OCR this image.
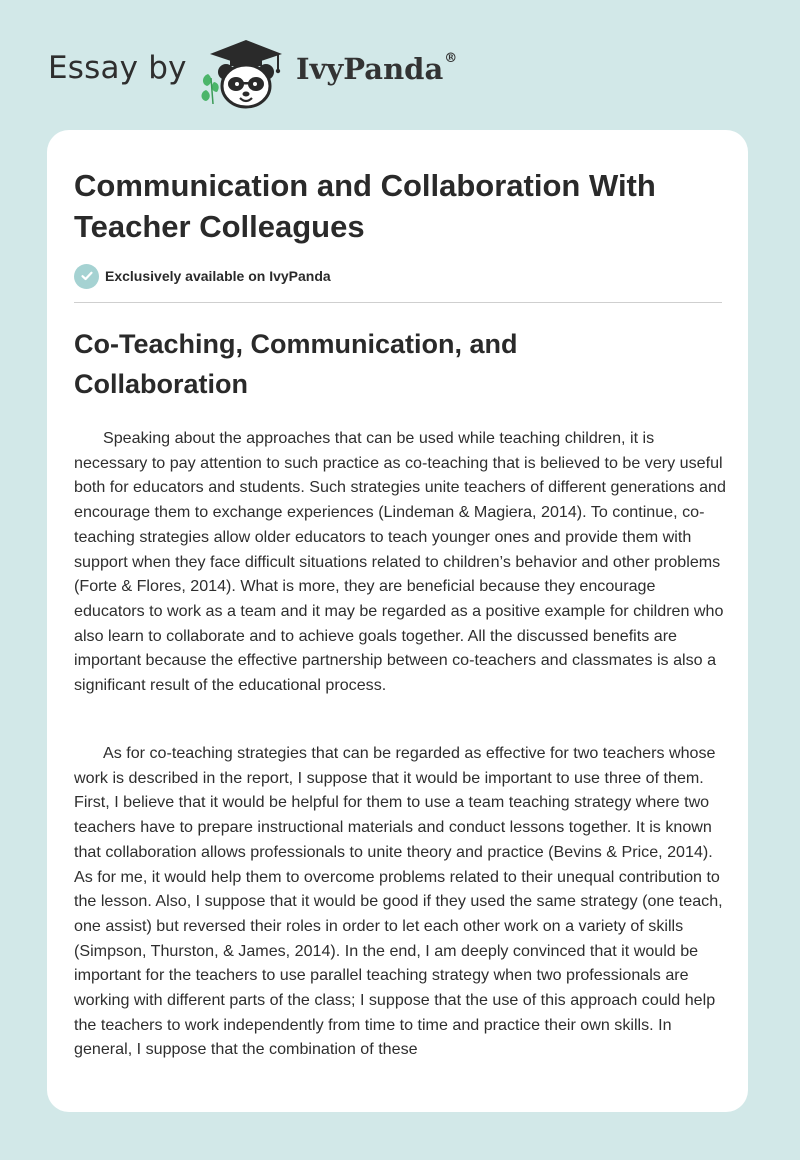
Essay by	IvyPanda®
Communication and Collaboration With Teacher Colleagues
Exclusively available on IvyPanda
Co-Teaching, Communication, and Collaboration

Speaking about the approaches that can be used while teaching children, it is necessary to pay attention to such practice as co-teaching that is believed to be very useful both for educators and students. Such strategies unite teachers of different generations and encourage them to exchange experiences (Lindeman & Magiera, 2014). To continue, co-teaching strategies allow older educators to teach younger ones and provide them with support when they face difficult situations related to children’s behavior and other problems (Forte & Flores, 2014). What is more, they are beneficial because they encourage educators to work as a team and it may be regarded as a positive example for children who also learn to collaborate and to achieve goals together. All the discussed benefits are important because the effective partnership between co-teachers and classmates is also a significant result of the educational process.

As for co-teaching strategies that can be regarded as effective for two teachers whose work is described in the report, I suppose that it would be important to use three of them. First, I believe that it would be helpful for them to use a team teaching strategy where two teachers have to prepare instructional materials and conduct lessons together. It is known that collaboration allows professionals to unite theory and practice (Bevins & Price, 2014). As for me, it would help them to overcome problems related to their unequal contribution to the lesson. Also, I suppose that it would be good if they used the same strategy (one teach, one assist) but reversed their roles in order to let each other work on a variety of skills (Simpson, Thurston, & James, 2014). In the end, I am deeply convinced that it would be important for the teachers to use parallel teaching strategy when two professionals are working with different parts of the class; I suppose that the use of this approach could help the teachers to work independently from time to time and practice their own skills. In general, I suppose that the combination of these
